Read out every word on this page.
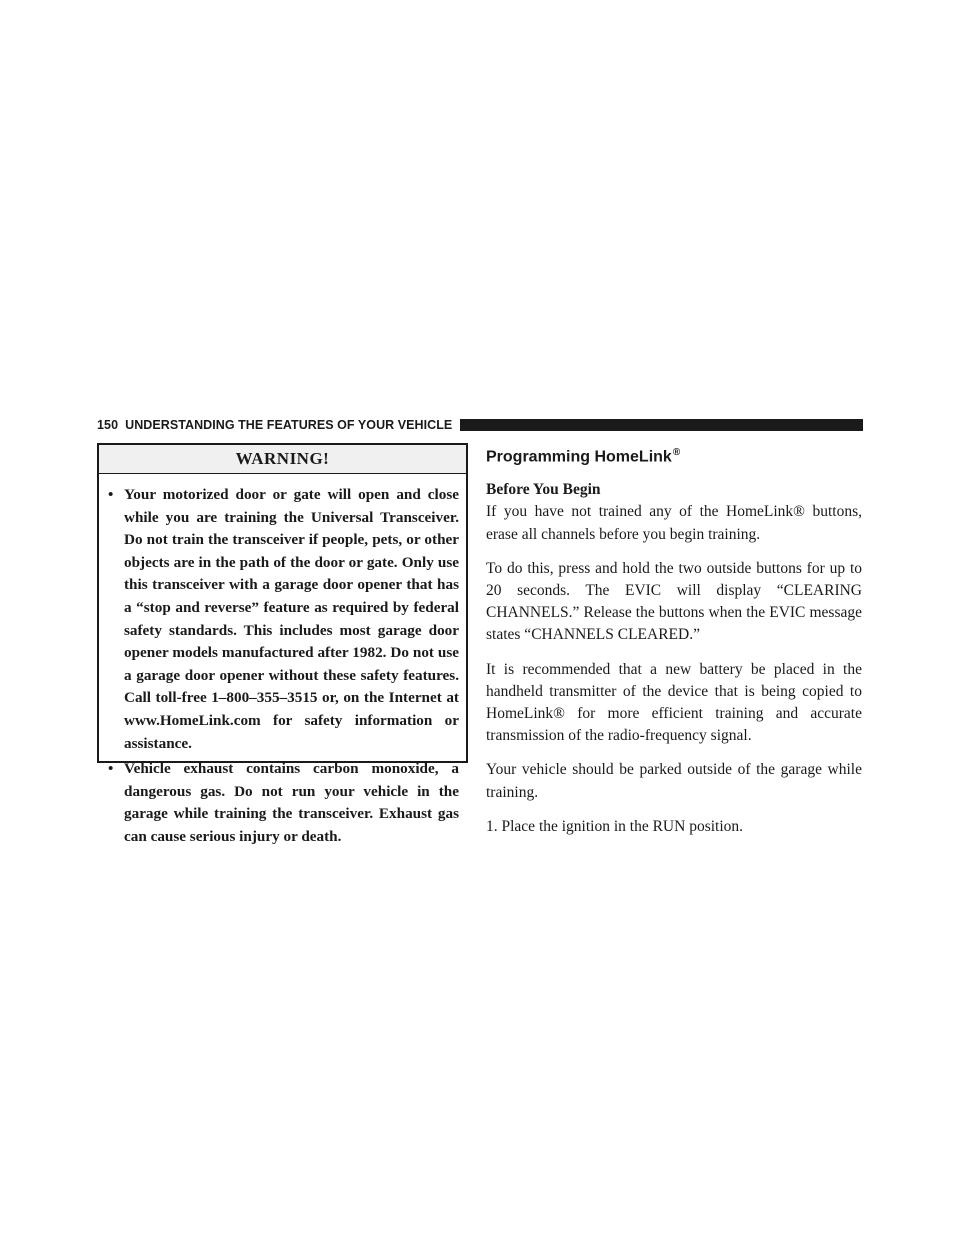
150 UNDERSTANDING THE FEATURES OF YOUR VEHICLE
WARNING!
• Your motorized door or gate will open and close while you are training the Universal Transceiver. Do not train the transceiver if people, pets, or other objects are in the path of the door or gate. Only use this transceiver with a garage door opener that has a “stop and reverse” feature as required by federal safety standards. This includes most garage door opener models manufactured after 1982. Do not use a garage door opener without these safety features. Call toll-free 1–800–355–3515 or, on the Internet at www.HomeLink.com for safety information or assistance.
• Vehicle exhaust contains carbon monoxide, a dangerous gas. Do not run your vehicle in the garage while training the transceiver. Exhaust gas can cause serious injury or death.
Programming HomeLink®

Before You Begin

If you have not trained any of the HomeLink® buttons, erase all channels before you begin training.

To do this, press and hold the two outside buttons for up to 20 seconds. The EVIC will display “CLEARING CHANNELS.” Release the buttons when the EVIC message states “CHANNELS CLEARED.”

It is recommended that a new battery be placed in the handheld transmitter of the device that is being copied to HomeLink® for more efficient training and accurate transmission of the radio-frequency signal.

Your vehicle should be parked outside of the garage while training.

1. Place the ignition in the RUN position.
